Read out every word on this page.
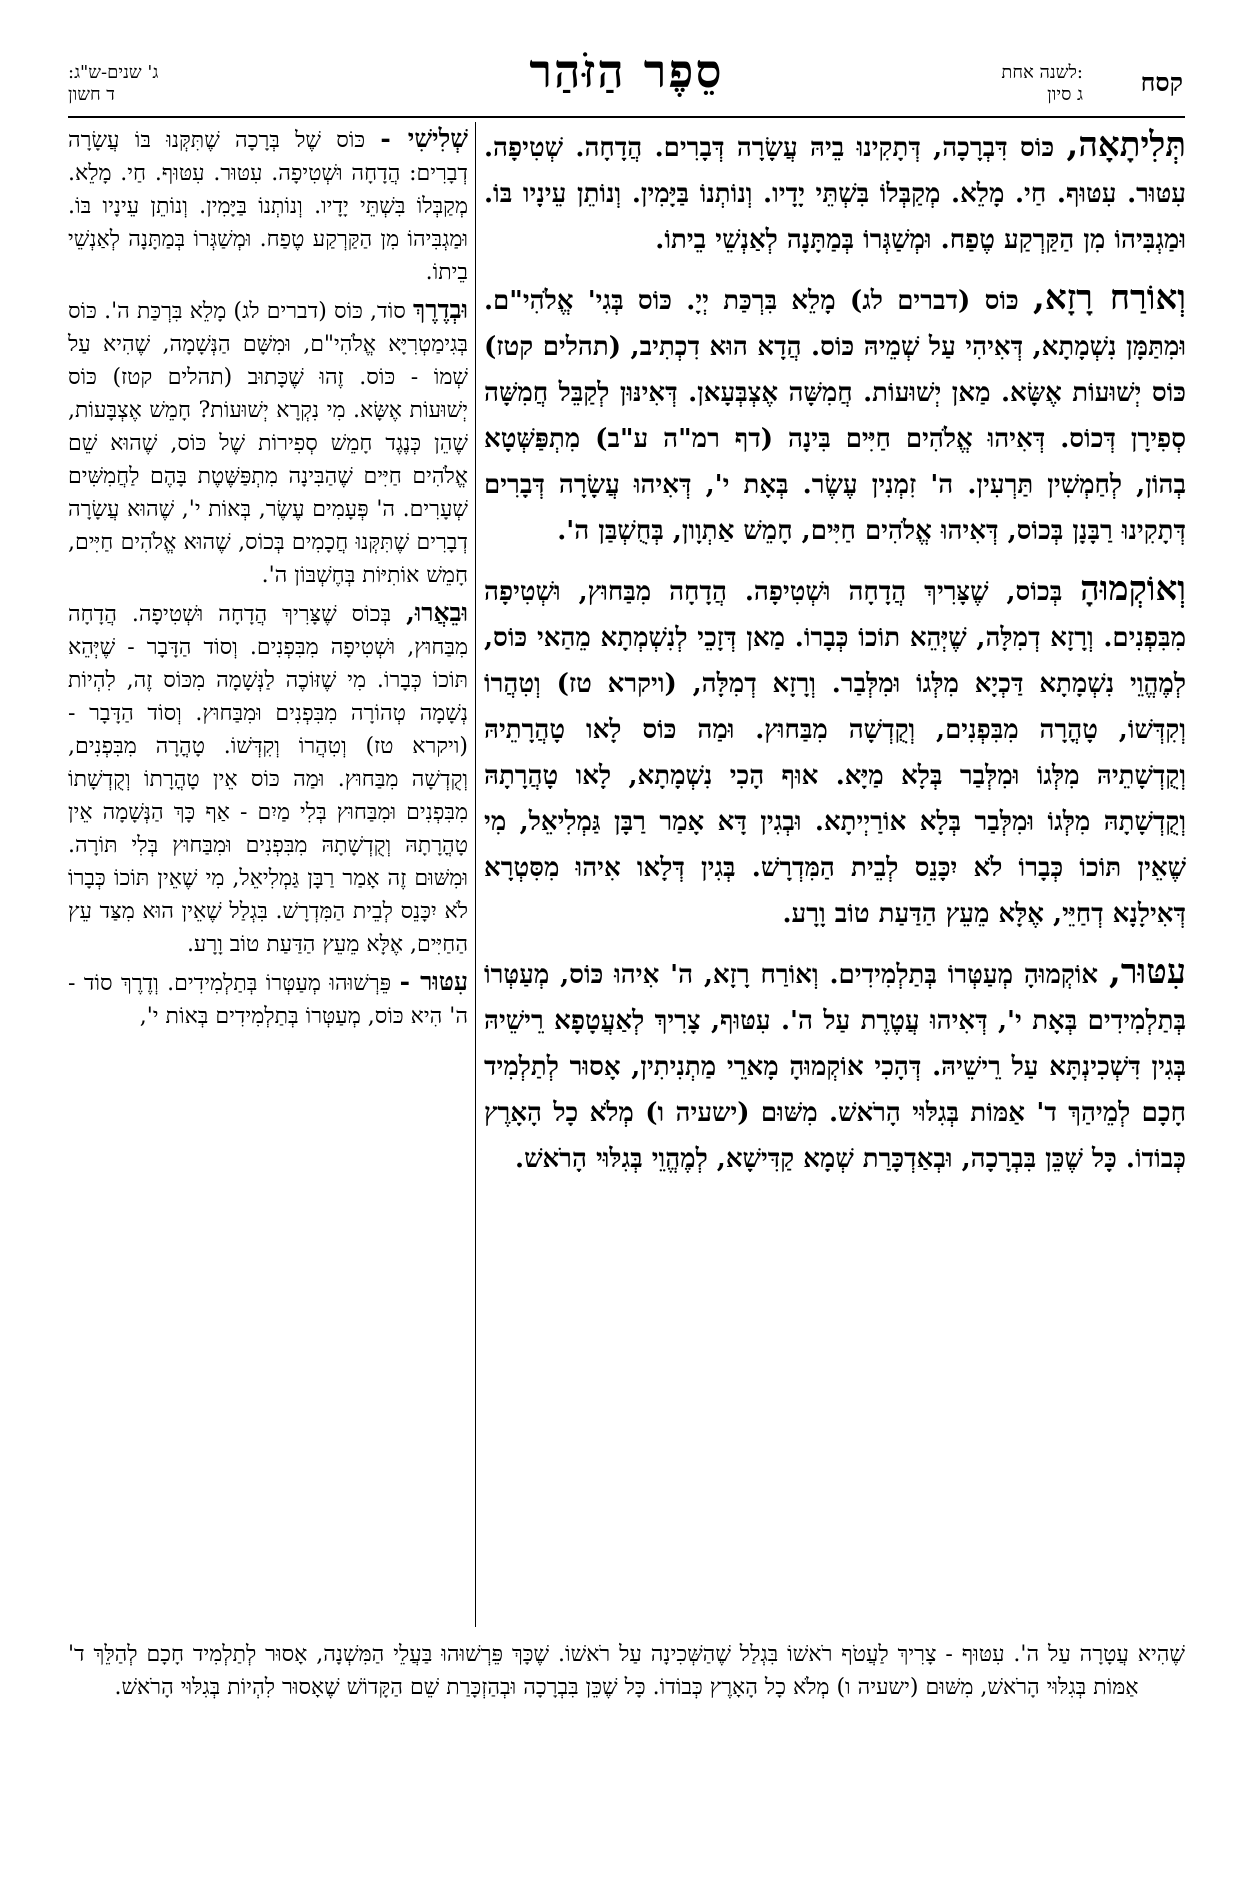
קסח
לשנה אחת:
ג סיון
סֵפֶר הַזֹּהַר
ג' שנים-ש"ג:
ד חשון

תְּלִיתָאָה, כּוֹס דִּבְרָכָה, דְּתָקִינוּ בֵיהּ עֲשָׂרָה דְּבָרִים. הֲדָחָה. שְׁטִיפָה. עִטּוּר. עִטּוּף. חַי. מָלֵא. מְקַבְּלוֹ בִּשְׁתֵּי יָדָיו. וְנוֹתְנוֹ בַּיָּמִין. וְנוֹתֵן עֵינָיו בּוֹ. וּמַגְבִּיהוֹ מִן הַקַּרְקַע טֶפַח. וּמְשַׁגְּרוֹ בְּמַתָּנָה לְאַנְשֵׁי בֵיתוֹ.

וְאוֹרַח רָזָא, כּוֹס (דברים לג) מָלֵא בִּרְכַּת יְיָ. כּוֹס בְּגִי' אֱלֹהִי"ם. וּמִתַּמָּן נִשְׁמָתָא, דְּאִיהִי עַל שְׁמֵיהּ כּוֹס. הֲדָא הוּא דִכְתִיב, (תהלים קטז) כּוֹס יְשׁוּעוֹת אֶשָּׂא. מַאן יְשׁוּעוֹת. חֲמִשָּׁה אֶצְבְּעָאן. דְּאִינּוּן לְקַבֵּל חֲמִשָּׁה סְפִירָן דְּכוֹס. דְּאִיהוּ אֱלֹהִים חַיִּים בִּינָה (דף רמ"ה ע"ב) מִתְפַּשְּׁטָא בְהוֹן, לְחַמְשִׁין תַּרְעִין. ה' זִמְנִין עֶשֶׂר. בְּאָת י', דְּאִיהוּ עֲשָׂרָה דְּבָרִים דְּתָקִינוּ רַבָּנָן בְּכוֹס, דְּאִיהוּ אֱלֹהִים חַיִּים, חָמֵשׁ אַתְוָון, בְּחֻשְׁבַּן ה'.

וְאוֹקְמוּהָ בְּכוֹס, שֶׁצָּרִיךְ הֲדָחָה וּשְׁטִיפָה. הֲדָחָה מִבַּחוּץ, וּשְׁטִיפָה מִבִּפְנִים. וְרָזָא דְמִלָּה, שֶׁיְּהֵא תוֹכוֹ כְּבָרוֹ. מַאן דְּזָכֵי לְנִשְׁמְתָא מֵהַאי כּוֹס, לְמֶהֱוֵי נִשְׁמָתָא דַּכְיָא מִלְּגוֹ וּמִלְּבַר. וְרָזָא דְמִלָּה, (ויקרא טז) וְטִהֲרוֹ וְקִדְּשׁוֹ, טָהֳרָה מִבִּפְנִים, וְקֻדְשָׁה מִבַּחוּץ. וּמַה כּוֹס לָאו טָהֲרָתֵיהּ וְקֻדְשָׁתֵיהּ מִלְּגוֹ וּמִלְּבַר בְּלָא מַיָּא. אוּף הָכִי נִשְׁמָתָא, לָאו טָהֲרָתָהּ וְקֻדְשָׁתָהּ מִלְּגוֹ וּמִלְּבַר בְּלָא אוֹרַיְיתָא. וּבְגִין דָּא אָמַר רַבָּן גַּמְלִיאֵל, מִי שֶׁאֵין תּוֹכוֹ כְּבָרוֹ לֹא יִכָּנֵס לְבֵית הַמִּדְרָשׁ. בְּגִין דְּלָאו אִיהוּ מִסִּטְרָא דְּאִילָנָא דְחַיֵּי, אֶלָּא מֵעֵץ הַדַּעַת טוֹב וָרָע.

עִטּוּר, אוֹקְמוּהָ מְעַטְּרוֹ בְּתַלְמִידִים. וְאוֹרַח רָזָא, ה' אִיהוּ כּוֹס, מְעַטְּרוֹ בְּתַלְמִידִים בְּאָת י', דְּאִיהוּ עֲטֶרֶת עַל ה'. עִטּוּף, צָרִיךְ לְאַעֲטָפָא רֵישֵׁיהּ בְּגִין דִּשְׁכִינְתָּא עַל רֵישֵׁיהּ. דְּהָכִי אוֹקְמוּהָ מָארֵי מַתְנִיתִין, אָסוּר לְתַלְמִיד חָכָם לְמֵיהַךְ ד' אַמּוֹת בְּגִלּוּי הָרֹאשׁ. מִשּׁוּם (ישעיה ו) מְלֹא כָל הָאָרֶץ כְּבוֹדוֹ. כָּל שֶׁכֵּן בִּבְרָכָה, וּבְאַדְכָּרַת שְׁמָא קַדִּישָׁא, לְמֶהֱוֵי בְּגִלּוּי הָרֹאשׁ.

שְׁלִישִׁי - כּוֹס שֶׁל בְּרָכָה שֶׁתִּקְּנוּ בּוֹ עֲשָׂרָה דְבָרִים: הֲדָחָה וּשְׁטִיפָה. עִטּוּר. עִטּוּף. חַי. מָלֵא. מְקַבְּלוֹ בִּשְׁתֵּי יָדָיו. וְנוֹתְנוֹ בַּיָּמִין. וְנוֹתֵן עֵינָיו בּוֹ. וּמַגְבִּיהוֹ מִן הַקַּרְקַע טֶפַח. וּמְשַׁגְּרוֹ בְּמַתָּנָה לְאַנְשֵׁי בֵיתוֹ.

וּבְדֶרֶךְ סוֹד, כּוֹס (דברים לג) מָלֵא בִּרְכַּת ה'. כּוֹס בְּגִימַטְרִיָּא אֱלֹהִי"ם, וּמִשָּׁם הַנְּשָׁמָה, שֶׁהִיא עַל שְׁמוֹ - כּוֹס. זֶהוּ שֶׁכָּתוּב (תהלים קטז) כּוֹס יְשׁוּעוֹת אֶשָּׂא. מִי נִקְרָא יְשׁוּעוֹת? חָמֵשׁ אֶצְבָּעוֹת, שֶׁהֵן כְּנֶגֶד חָמֵשׁ סְפִירוֹת שֶׁל כּוֹס, שֶׁהוּא שֵׁם אֱלֹהִים חַיִּים שֶׁהַבִּינָה מִתְפַּשֶּׁטֶת בָּהֶם לַחֲמִשִּׁים שְׁעָרִים. ה' פְּעָמִים עֶשֶׂר, בְּאוֹת י', שֶׁהוּא עֲשָׂרָה דְבָרִים שֶׁתִּקְּנוּ חֲכָמִים בְּכוֹס, שֶׁהוּא אֱלֹהִים חַיִּים, חָמֵשׁ אוֹתִיּוֹת בְּחֶשְׁבּוֹן ה'.

וּבֵאֲרוּ, בְּכוֹס שֶׁצָּרִיךְ הֲדָחָה וּשְׁטִיפָה. הֲדָחָה מִבַּחוּץ, וּשְׁטִיפָה מִבִּפְנִים. וְסוֹד הַדָּבָר - שֶׁיְּהֵא תּוֹכוֹ כְּבָרוֹ. מִי שֶׁזּוֹכֶה לַנְּשָׁמָה מִכּוֹס זֶה, לִהְיוֹת נְשָׁמָה טְהוֹרָה מִבִּפְנִים וּמִבַּחוּץ. וְסוֹד הַדָּבָר - (ויקרא טז) וְטִהֲרוֹ וְקִדְּשׁוֹ. טָהֳרָה מִבִּפְנִים, וְקֻדְשָׁה מִבַּחוּץ. וּמַה כּוֹס אֵין טָהֳרָתוֹ וְקֻדְשָׁתוֹ מִבִּפְנִים וּמִבַּחוּץ בְּלִי מַיִם - אַף כָּךְ הַנְּשָׁמָה אֵין טָהֳרָתָהּ וְקֻדְשָׁתָהּ מִבִּפְנִים וּמִבַּחוּץ בְּלִי תּוֹרָה. וּמִשּׁוּם זֶה אָמַר רַבָּן גַּמְלִיאֵל, מִי שֶׁאֵין תּוֹכוֹ כְּבָרוֹ לֹא יִכָּנֵס לְבֵית הַמִּדְרָשׁ. בִּגְלַל שֶׁאֵין הוּא מִצַּד עֵץ הַחַיִּים, אֶלָּא מֵעֵץ הַדַּעַת טוֹב וָרָע.

עִטּוּר - פֵּרְשׁוּהוּ מְעַטְּרוֹ בְּתַלְמִידִים. וְדֶרֶךְ סוֹד - ה' הִיא כּוֹס, מְעַטְּרוֹ בְּתַלְמִידִים בְּאוֹת י',

שֶׁהִיא עֲטָרָה עַל ה'. עִטּוּף - צָרִיךְ לַעֲטֹף רֹאשׁוֹ בִּגְלַל שֶׁהַשְּׁכִינָה עַל רֹאשׁוֹ. שֶׁכָּךְ פֵּרְשׁוּהוּ בַּעֲלֵי הַמִּשְׁנָה, אָסוּר לְתַלְמִיד חָכָם לְהַלֵּךְ ד' אַמּוֹת בְּגִלּוּי הָרֹאשׁ, מִשּׁוּם (ישעיה ו) מְלֹא כָל הָאָרֶץ כְּבוֹדוֹ. כָּל שֶׁכֵּן בִּבְרָכָה וּבְהַזְכָּרַת שֵׁם הַקָּדוֹשׁ שֶׁאָסוּר לִהְיוֹת בְּגִלּוּי הָרֹאשׁ.
